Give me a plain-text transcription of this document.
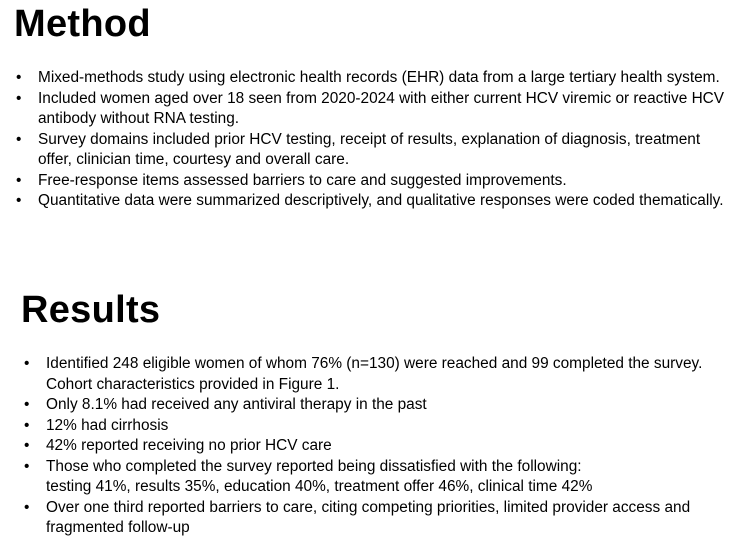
Method
• Mixed-methods study using electronic health records (EHR) data from a large tertiary health system.
• Included women aged over 18 seen from 2020-2024 with either current HCV viremic or reactive HCV antibody without RNA testing.
• Survey domains included prior HCV testing, receipt of results, explanation of diagnosis, treatment offer, clinician time, courtesy and overall care.
• Free-response items assessed barriers to care and suggested improvements.
• Quantitative data were summarized descriptively, and qualitative responses were coded thematically.
Results
• Identified 248 eligible women of whom 76% (n=130) were reached and 99 completed the survey. Cohort characteristics provided in Figure 1.
• Only 8.1% had received any antiviral therapy in the past
• 12% had cirrhosis
• 42% reported receiving no prior HCV care
• Those who completed the survey reported being dissatisfied with the following:
testing 41%, results 35%, education 40%, treatment offer 46%, clinical time 42%
• Over one third reported barriers to care, citing competing priorities, limited provider access and fragmented follow-up
